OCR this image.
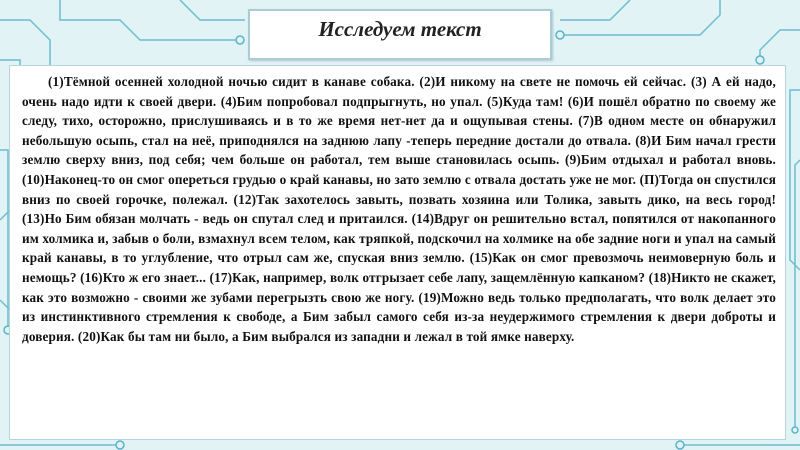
Исследуем текст

(1)Тёмной осенней холодной ночью сидит в канаве собака. (2)И никому на свете не помочь ей сейчас. (3) А ей надо, очень надо идти к своей двери. (4)Бим попробовал подпрыгнуть, но упал. (5)Куда там! (6)И пошёл обратно по своему же следу, тихо, осторожно, прислушиваясь и в то же время нет-нет да и ощупывая стены. (7)В одном месте он обнаружил небольшую осыпь, стал на неё, приподнялся на заднюю лапу -теперь передние достали до отвала. (8)И Бим начал грести землю сверху вниз, под себя; чем больше он работал, тем выше становилась осыпь. (9)Бим отдыхал и работал вновь. (10)Наконец-то он смог опереться грудью о край канавы, но зато землю с отвала достать уже не мог. (П)Тогда он спустился вниз по своей горочке, полежал. (12)Так захотелось завыть, позвать хозяина или Толика, завыть дико, на весь город! (13)Но Бим обязан молчать - ведь он спутал след и притаился. (14)Вдруг он решительно встал, попятился от накопанного им холмика и, забыв о боли, взмахнул всем телом, как тряпкой, подскочил на холмике на обе задние ноги и упал на самый край канавы, в то углубление, что отрыл сам же, спуская вниз землю. (15)Как он смог превозмочь неимоверную боль и немощь? (16)Кто ж его знает... (17)Как, например, волк отгрызает себе лапу, защемлённую капканом? (18)Никто не скажет, как это возможно - своими же зубами перегрызть свою же ногу. (19)Можно ведь только предполагать, что волк делает это из инстинктивного стремления к свободе, а Бим забыл самого себя из-за неудержимого стремления к двери доброты и доверия. (20)Как бы там ни было, а Бим выбрался из западни и лежал в той ямке наверху.
